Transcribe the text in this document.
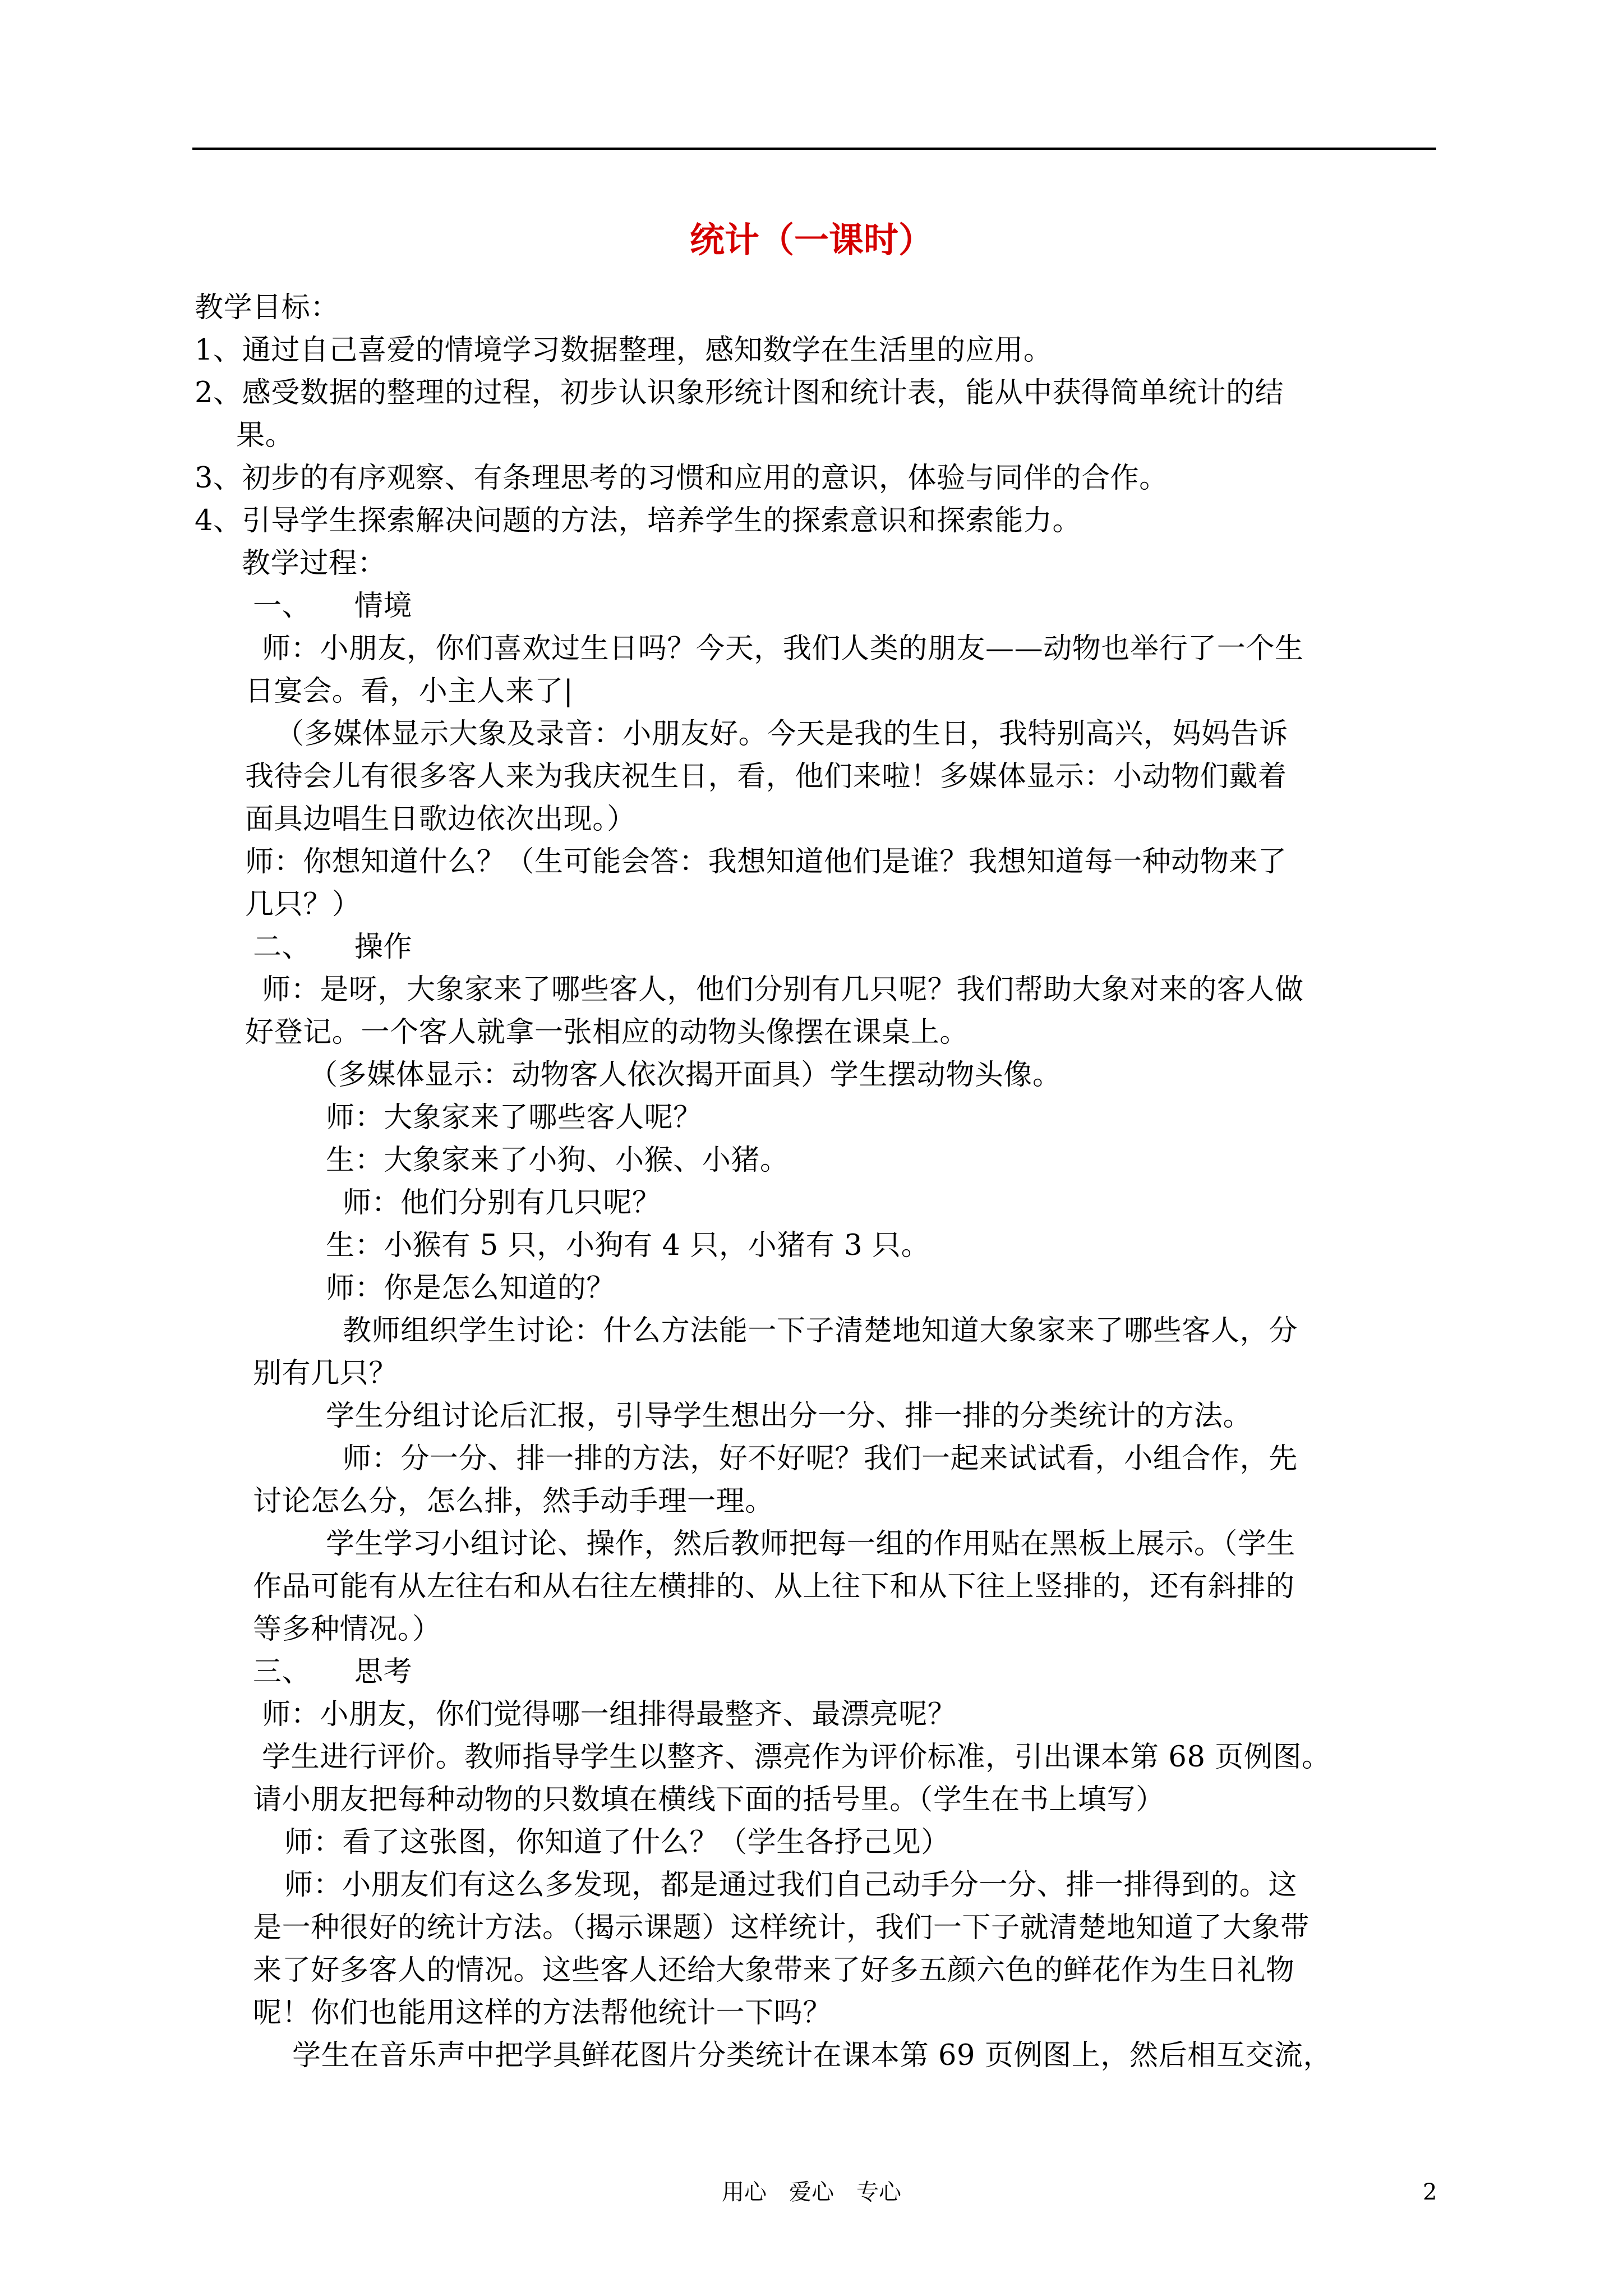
统计（一课时）
教学目标：
1、通过自己喜爱的情境学习数据整理，感知数学在生活里的应用。
2、感受数据的整理的过程，初步认识象形统计图和统计表，能从中获得简单统计的结
果。
3、初步的有序观察、有条理思考的习惯和应用的意识，体验与同伴的合作。
4、引导学生探索解决问题的方法，培养学生的探索意识和探索能力。
教学过程：
一、　　情境
师：小朋友，你们喜欢过生日吗？今天，我们人类的朋友——动物也举行了一个生
日宴会。看，小主人来了|
（多媒体显示大象及录音：小朋友好。今天是我的生日，我特别高兴，妈妈告诉
我待会儿有很多客人来为我庆祝生日，看，他们来啦！多媒体显示：小动物们戴着
面具边唱生日歌边依次出现。）
师：你想知道什么？（生可能会答：我想知道他们是谁？我想知道每一种动物来了
几只？）
二、　　操作
师：是呀，大象家来了哪些客人，他们分别有几只呢？我们帮助大象对来的客人做
好登记。一个客人就拿一张相应的动物头像摆在课桌上。
（多媒体显示：动物客人依次揭开面具）学生摆动物头像。
师：大象家来了哪些客人呢？
生：大象家来了小狗、小猴、小猪。
师：他们分别有几只呢？
生：小猴有 5 只，小狗有 4 只，小猪有 3 只。
师：你是怎么知道的？
教师组织学生讨论：什么方法能一下子清楚地知道大象家来了哪些客人，分
别有几只？
学生分组讨论后汇报，引导学生想出分一分、排一排的分类统计的方法。
师：分一分、排一排的方法，好不好呢？我们一起来试试看，小组合作，先
讨论怎么分，怎么排，然手动手理一理。
学生学习小组讨论、操作，然后教师把每一组的作用贴在黑板上展示。（学生
作品可能有从左往右和从右往左横排的、从上往下和从下往上竖排的，还有斜排的
等多种情况。）
三、　　思考
师：小朋友，你们觉得哪一组排得最整齐、最漂亮呢？
学生进行评价。教师指导学生以整齐、漂亮作为评价标准，引出课本第 68 页例图。
请小朋友把每种动物的只数填在横线下面的括号里。（学生在书上填写）
师：看了这张图，你知道了什么？（学生各抒己见）
师：小朋友们有这么多发现，都是通过我们自己动手分一分、排一排得到的。这
是一种很好的统计方法。（揭示课题）这样统计，我们一下子就清楚地知道了大象带
来了好多客人的情况。这些客人还给大象带来了好多五颜六色的鲜花作为生日礼物
呢！你们也能用这样的方法帮他统计一下吗？
学生在音乐声中把学具鲜花图片分类统计在课本第 69 页例图上，然后相互交流，
用心　爱心　专心	2
